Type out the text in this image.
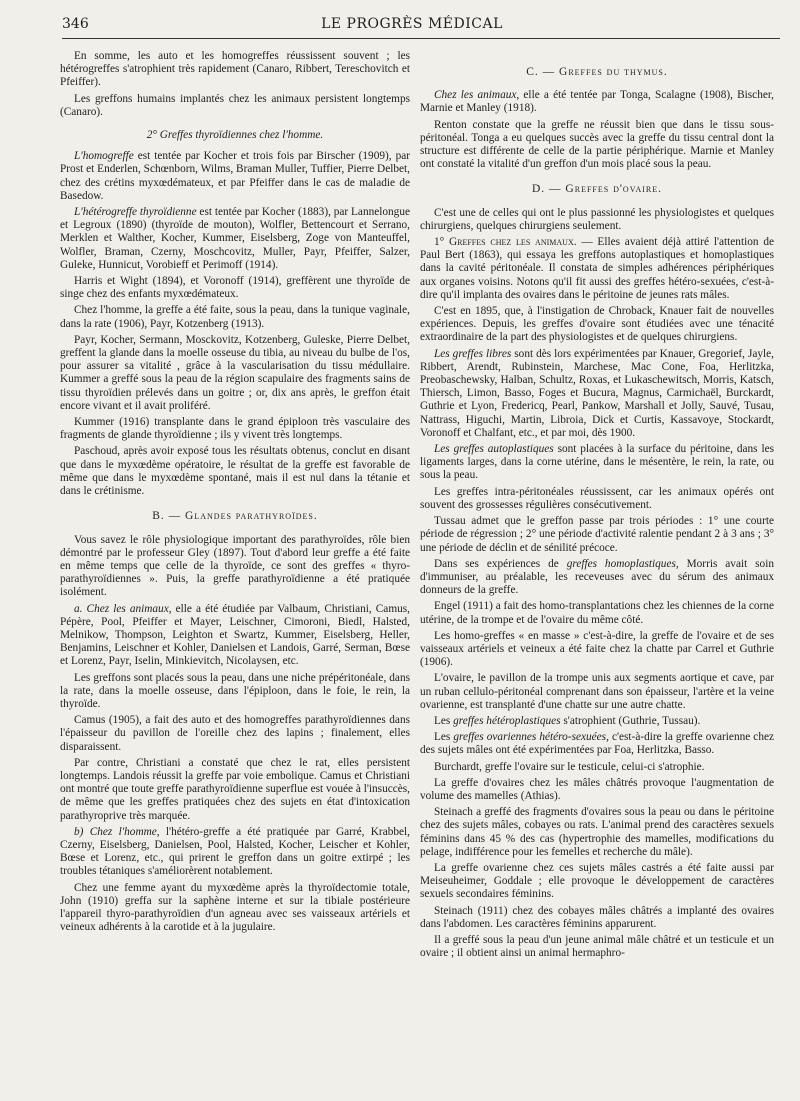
346	LE PROGRÈS MÉDICAL

En somme, les auto et les homogreffes réussissent souvent ; les hétérogreffes s'atrophient très rapidement (Canaro, Ribbert, Tereschovitch et Pfeiffer).

Les greffons humains implantés chez les animaux persistent longtemps (Canaro).

2° Greffes thyroïdiennes chez l'homme.

L'homogreffe est tentée par Kocher et trois fois par Birscher (1909), par Prost et Enderlen, Schœnborn, Wilms, Braman Muller, Tuffier, Pierre Delbet, chez des crétins myxœdémateux, et par Pfeiffer dans le cas de maladie de Basedow.

L'hétérogreffe thyroïdienne est tentée par Kocher (1883), par Lannelongue et Legroux (1890) (thyroïde de mouton), Wolfler, Bettencourt et Serrano, Merklen et Walther, Kocher, Kummer, Eiselsberg, Zoge von Manteuffel, Wolfler, Braman, Czerny, Moschcovitz, Muller, Payr, Pfeiffer, Salzer, Guleke, Hunnicut, Vorobieff et Perimoff (1914).

Harris et Wight (1894), et Voronoff (1914), greffèrent une thyroïde de singe chez des enfants myxœdémateux.

Chez l'homme, la greffe a été faite, sous la peau, dans la tunique vaginale, dans la rate (1906), Payr, Kotzenberg (1913).

Payr, Kocher, Sermann, Mosckovitz, Kotzenberg, Guleske, Pierre Delbet, greffent la glande dans la moelle osseuse du tibia, au niveau du bulbe de l'os, pour assurer sa vitalité , grâce à la vascularisation du tissu médullaire. Kummer a greffé sous la peau de la région scapulaire des fragments sains de tissu thyroïdien prélevés dans un goitre ; or, dix ans après, le greffon était encore vivant et il avait proliféré.

Kummer (1916) transplante dans le grand épiploon très vasculaire des fragments de glande thyroïdienne ; ils y vivent très longtemps.

Paschoud, après avoir exposé tous les résultats obtenus, conclut en disant que dans le myxœdème opératoire, le résultat de la greffe est favorable de même que dans le myxœdème spontané, mais il est nul dans la tétanie et dans le crétinisme.

B. — Glandes parathyroïdes.

Vous savez le rôle physiologique important des parathyroïdes, rôle bien démontré par le professeur Gley (1897). Tout d'abord leur greffe a été faite en même temps que celle de la thyroïde, ce sont des greffes « thyro-parathyroïdiennes ». Puis, la greffe parathyroïdienne a été pratiquée isolément.

a. Chez les animaux, elle a été étudiée par Valbaum, Christiani, Camus, Pépère, Pool, Pfeiffer et Mayer, Leischner, Cimoroni, Biedl, Halsted, Melnikow, Thompson, Leighton et Swartz, Kummer, Eiselsberg, Heller, Benjamins, Leischner et Kohler, Danielsen et Landois, Garré, Serman, Bœse et Lorenz, Payr, Iselin, Minkievitch, Nicolaysen, etc.

Les greffons sont placés sous la peau, dans une niche prépéritonéale, dans la rate, dans la moelle osseuse, dans l'épiploon, dans le foie, le rein, la thyroïde.

Camus (1905), a fait des auto et des homogreffes parathyroïdiennes dans l'épaisseur du pavillon de l'oreille chez des lapins ; finalement, elles disparaissent.

Par contre, Christiani a constaté que chez le rat, elles persistent longtemps. Landois réussit la greffe par voie embolique. Camus et Christiani ont montré que toute greffe parathyroïdienne superflue est vouée à l'insuccès, de même que les greffes pratiquées chez des sujets en état d'intoxication parathyroprive très marquée.

b) Chez l'homme, l'hétéro-greffe a été pratiquée par Garré, Krabbel, Czerny, Eiselsberg, Danielsen, Pool, Halsted, Kocher, Leischer et Kohler, Bœse et Lorenz, etc., qui prirent le greffon dans un goitre extirpé ; les troubles tétaniques s'améliorèrent notablement.

Chez une femme ayant du myxœdème après la thyroïdectomie totale, John (1910) greffa sur la saphène interne et sur la tibiale postérieure l'appareil thyro-parathyroïdien d'un agneau avec ses vaisseaux artériels et veineux adhérents à la carotide et à la jugulaire.

C. — Greffes du thymus.

Chez les animaux, elle a été tentée par Tonga, Scalagne (1908), Bischer, Marnie et Manley (1918).

Renton constate que la greffe ne réussit bien que dans le tissu sous-péritonéal. Tonga a eu quelques succès avec la greffe du tissu central dont la structure est différente de celle de la partie périphérique. Marnie et Manley ont constaté la vitalité d'un greffon d'un mois placé sous la peau.

D. — Greffes d'ovaire.

C'est une de celles qui ont le plus passionné les physiologistes et quelques chirurgiens, quelques chirurgiens seulement.

1° Greffes chez les animaux. — Elles avaient déjà attiré l'attention de Paul Bert (1863), qui essaya les greffons autoplastiques et homoplastiques dans la cavité péritonéale. Il constata de simples adhérences périphériques aux organes voisins. Notons qu'il fit aussi des greffes hétéro-sexuées, c'est-à-dire qu'il implanta des ovaires dans le péritoine de jeunes rats mâles.

C'est en 1895, que, à l'instigation de Chroback, Knauer fait de nouvelles expériences. Depuis, les greffes d'ovaire sont étudiées avec une ténacité extraordinaire de la part des physiologistes et de quelques chirurgiens.

Les greffes libres sont dès lors expérimentées par Knauer, Gregorief, Jayle, Ribbert, Arendt, Rubinstein, Marchese, Mac Cone, Foa, Herlitzka, Preobaschewsky, Halban, Schultz, Roxas, et Lukaschewitsch, Morris, Katsch, Thiersch, Limon, Basso, Foges et Bucura, Magnus, Carmichaël, Burckardt, Guthrie et Lyon, Fredericq, Pearl, Pankow, Marshall et Jolly, Sauvé, Tusau, Nattrass, Higuchi, Martin, Libroia, Dick et Curtis, Kassavoye, Stockardt, Voronoff et Chalfant, etc., et par moi, dès 1900.

Les greffes autoplastiques sont placées à la surface du péritoine, dans les ligaments larges, dans la corne utérine, dans le mésentère, le rein, la rate, ou sous la peau.

Les greffes intra-péritonéales réussissent, car les animaux opérés ont souvent des grossesses régulières consécutivement.

Tussau admet que le greffon passe par trois périodes : 1° une courte période de régression ; 2° une période d'activité ralentie pendant 2 à 3 ans ; 3° une période de déclin et de sénilité précoce.

Dans ses expériences de greffes homoplastiques, Morris avait soin d'immuniser, au préalable, les receveuses avec du sérum des animaux donneurs de la greffe.

Engel (1911) a fait des homo-transplantations chez les chiennes de la corne utérine, de la trompe et de l'ovaire du même côté.

Les homo-greffes « en masse » c'est-à-dire, la greffe de l'ovaire et de ses vaisseaux artériels et veineux a été faite chez la chatte par Carrel et Guthrie (1906).

L'ovaire, le pavillon de la trompe unis aux segments aortique et cave, par un ruban cellulo-péritonéal comprenant dans son épaisseur, l'artère et la veine ovarienne, est transplanté d'une chatte sur une autre chatte.

Les greffes hétéroplastiques s'atrophient (Guthrie, Tussau).

Les greffes ovariennes hétéro-sexuées, c'est-à-dire la greffe ovarienne chez des sujets mâles ont été expérimentées par Foa, Herlitzka, Basso.

Burchardt, greffe l'ovaire sur le testicule, celui-ci s'atrophie.

La greffe d'ovaires chez les mâles châtrés provoque l'augmentation de volume des mamelles (Athias).

Steinach a greffé des fragments d'ovaires sous la peau ou dans le péritoine chez des sujets mâles, cobayes ou rats. L'animal prend des caractères sexuels féminins dans 45 % des cas (hypertrophie des mamelles, modifications du pelage, indifférence pour les femelles et recherche du mâle).

La greffe ovarienne chez ces sujets mâles castrés a été faite aussi par Meiseuheimer, Goddale ; elle provoque le développement de caractères sexuels secondaires féminins.

Steinach (1911) chez des cobayes mâles châtrés a implanté des ovaires dans l'abdomen. Les caractères féminins apparurent.

Il a greffé sous la peau d'un jeune animal mâle châtré et un testicule et un ovaire ; il obtient ainsi un animal hermaphro-
